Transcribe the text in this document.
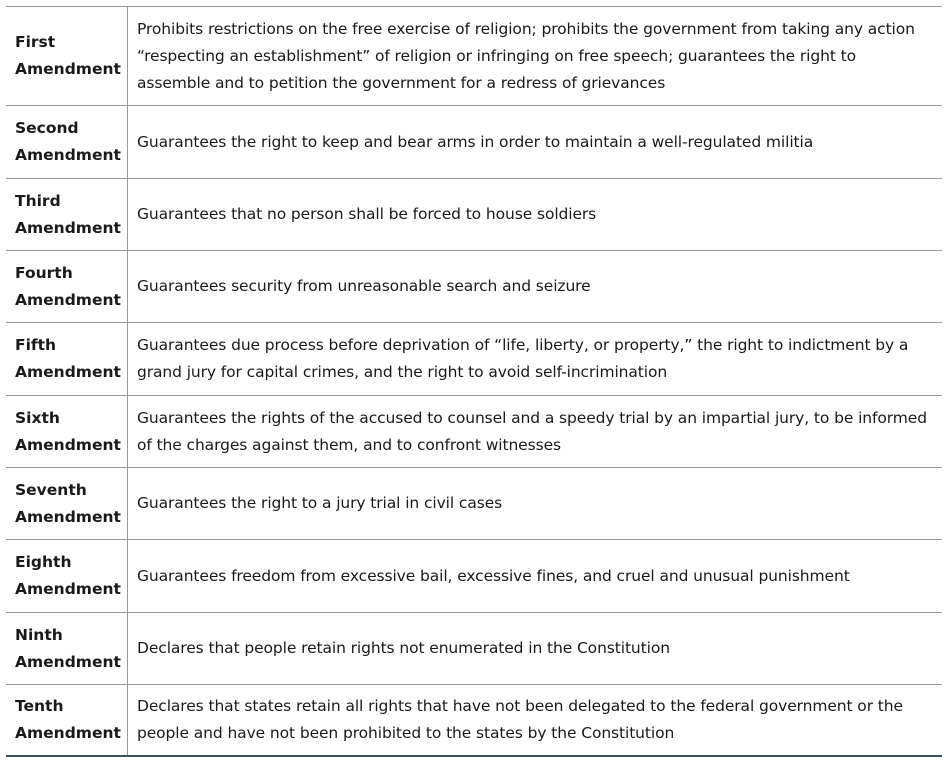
First Amendment
Prohibits restrictions on the free exercise of religion; prohibits the government from taking any action “respecting an establishment” of religion or infringing on free speech; guarantees the right to assemble and to petition the government for a redress of grievances
Second Amendment
Guarantees the right to keep and bear arms in order to maintain a well-regulated militia
Third Amendment
Guarantees that no person shall be forced to house soldiers
Fourth Amendment
Guarantees security from unreasonable search and seizure
Fifth Amendment
Guarantees due process before deprivation of “life, liberty, or property,” the right to indictment by a grand jury for capital crimes, and the right to avoid self-incrimination
Sixth Amendment
Guarantees the rights of the accused to counsel and a speedy trial by an impartial jury, to be informed of the charges against them, and to confront witnesses
Seventh Amendment
Guarantees the right to a jury trial in civil cases
Eighth Amendment
Guarantees freedom from excessive bail, excessive fines, and cruel and unusual punishment
Ninth Amendment
Declares that people retain rights not enumerated in the Constitution
Tenth Amendment
Declares that states retain all rights that have not been delegated to the federal government or the people and have not been prohibited to the states by the Constitution
